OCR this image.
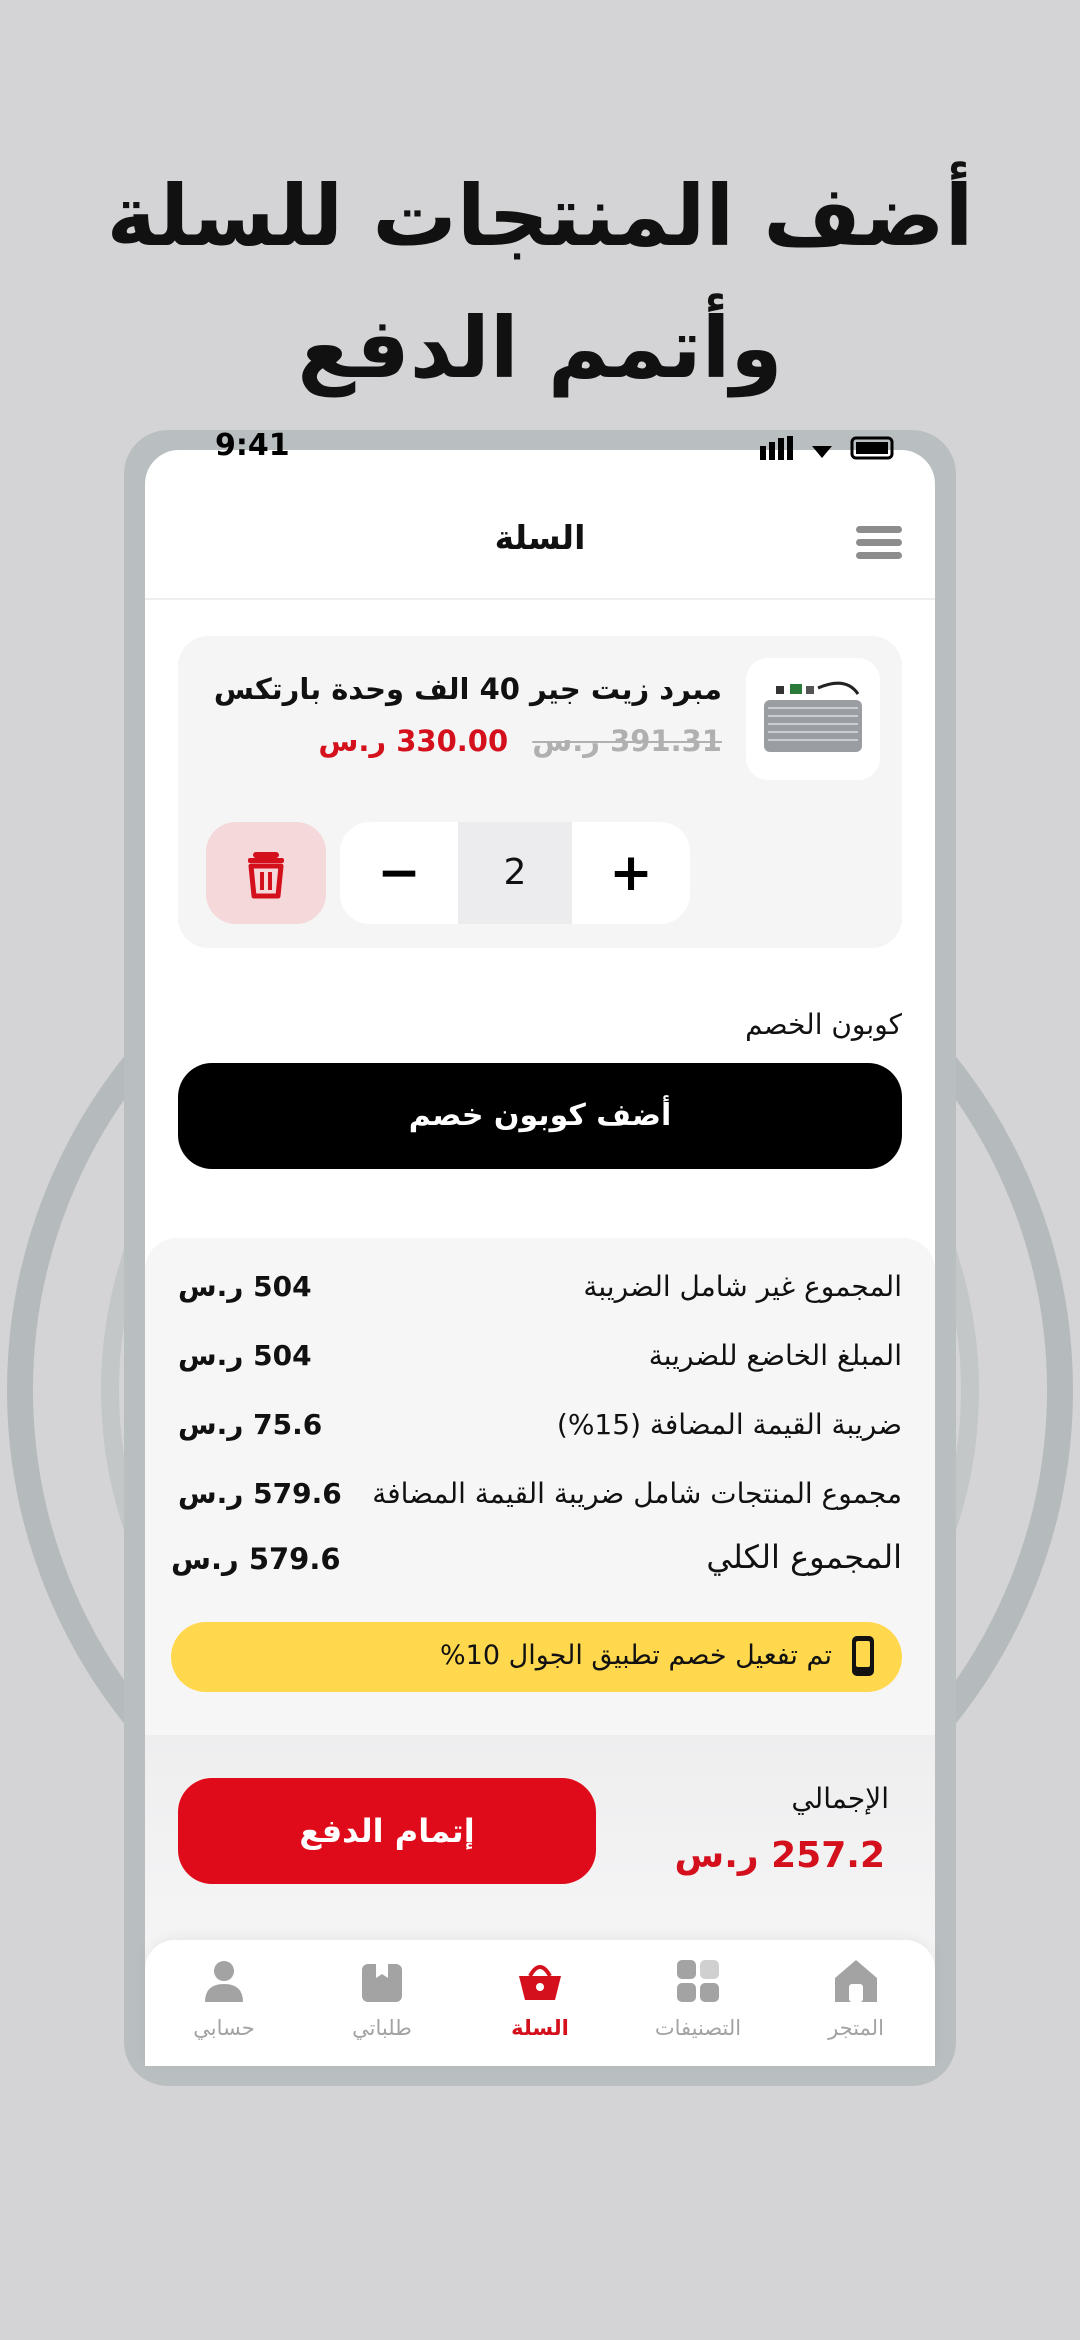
أضف المنتجات للسلة
وأتمم الدفع
9:41
السلة
مبرد زيت جير 40 الف وحدة بارتكس
391.31 ر.س 330.00 ر.س
−	2	+
كوبون الخصم
أضف كوبون خصم
المجموع غير شامل الضريبة
504 ر.س
المبلغ الخاضع للضريبة
504 ر.س
ضريبة القيمة المضافة (15%)
75.6 ر.س
مجموع المنتجات شامل ضريبة القيمة المضافة
579.6 ر.س
المجموع الكلي
579.6 ر.س
تم تفعيل خصم تطبيق الجوال 10%
الإجمالي
257.2 ر.س
إتمام الدفع
حسابي	طلباتي	السلة	التصنيفات	المتجر
